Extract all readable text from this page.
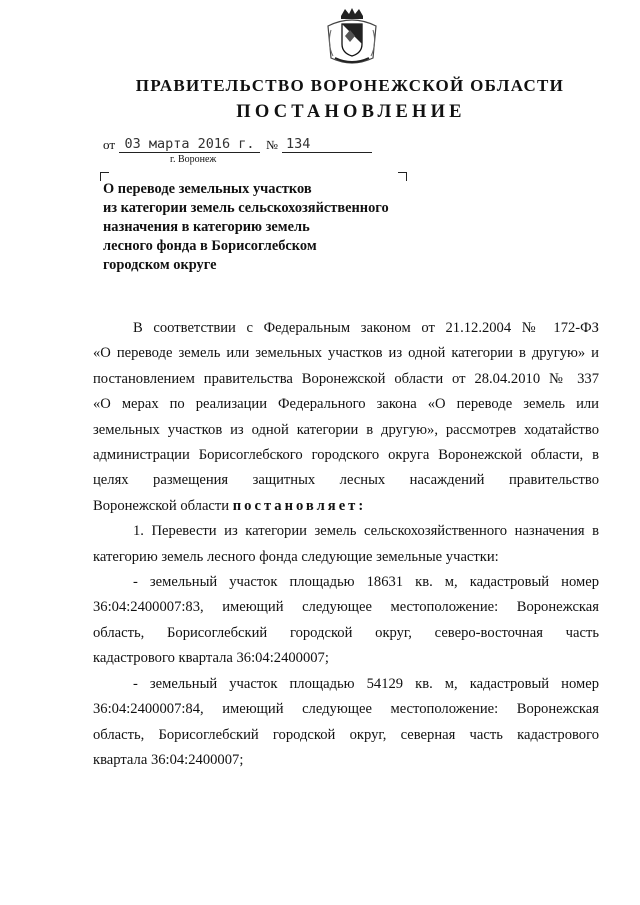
ПРАВИТЕЛЬСТВО ВОРОНЕЖСКОЙ ОБЛАСТИ
ПОСТАНОВЛЕНИЕ
от 03 марта 2016 г. № 134
г. Воронеж
О переводе земельных участков
из категории земель сельскохозяйственного
назначения в категорию земель
лесного фонда в Борисоглебском
городском округе
В соответствии с Федеральным законом от 21.12.2004 № 172-ФЗ
«О переводе земель или земельных участков из одной категории в другую» и
постановлением правительства Воронежской области от 28.04.2010 № 337
«О мерах по реализации Федерального закона «О переводе земель или
земельных участков из одной категории в другую», рассмотрев ходатайство
администрации Борисоглебского городского округа Воронежской области, в
целях размещения защитных лесных насаждений правительство
Воронежской области постановляет:
1. Перевести из категории земель сельскохозяйственного назначения в
категорию земель лесного фонда следующие земельные участки:
- земельный участок площадью 18631 кв. м, кадастровый номер
36:04:2400007:83, имеющий следующее местоположение: Воронежская
область, Борисоглебский городской округ, северо-восточная часть
кадастрового квартала 36:04:2400007;
- земельный участок площадью 54129 кв. м, кадастровый номер
36:04:2400007:84, имеющий следующее местоположение: Воронежская
область, Борисоглебский городской округ, северная часть кадастрового
квартала 36:04:2400007;
